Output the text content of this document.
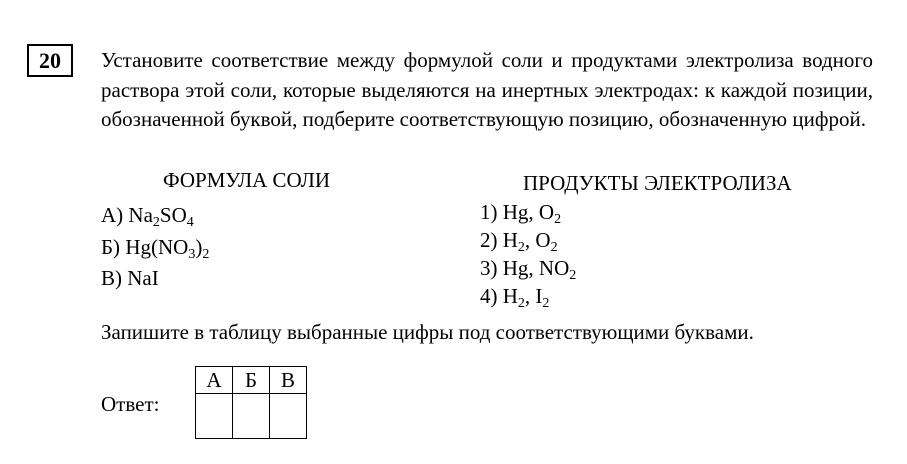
20	Установите соответствие между формулой соли и продуктами электролиза водного раствора этой соли, которые выделяются на инертных электродах: к каждой позиции, обозначенной буквой, подберите соответствующую позицию, обозначенную цифрой.
ФОРМУЛА СОЛИ	ПРОДУКТЫ ЭЛЕКТРОЛИЗА
А) $Na_2SO_4$
Б) $Hg(NO_3)_2$
В) NaI
1) Hg, $O_2$
2) $H_2$, $O_2$
3) Hg, $NO_2$
4) $H_2$, $I_2$
Запишите в таблицу выбранные цифры под соответствующими буквами.
Ответ:
А	Б	В
